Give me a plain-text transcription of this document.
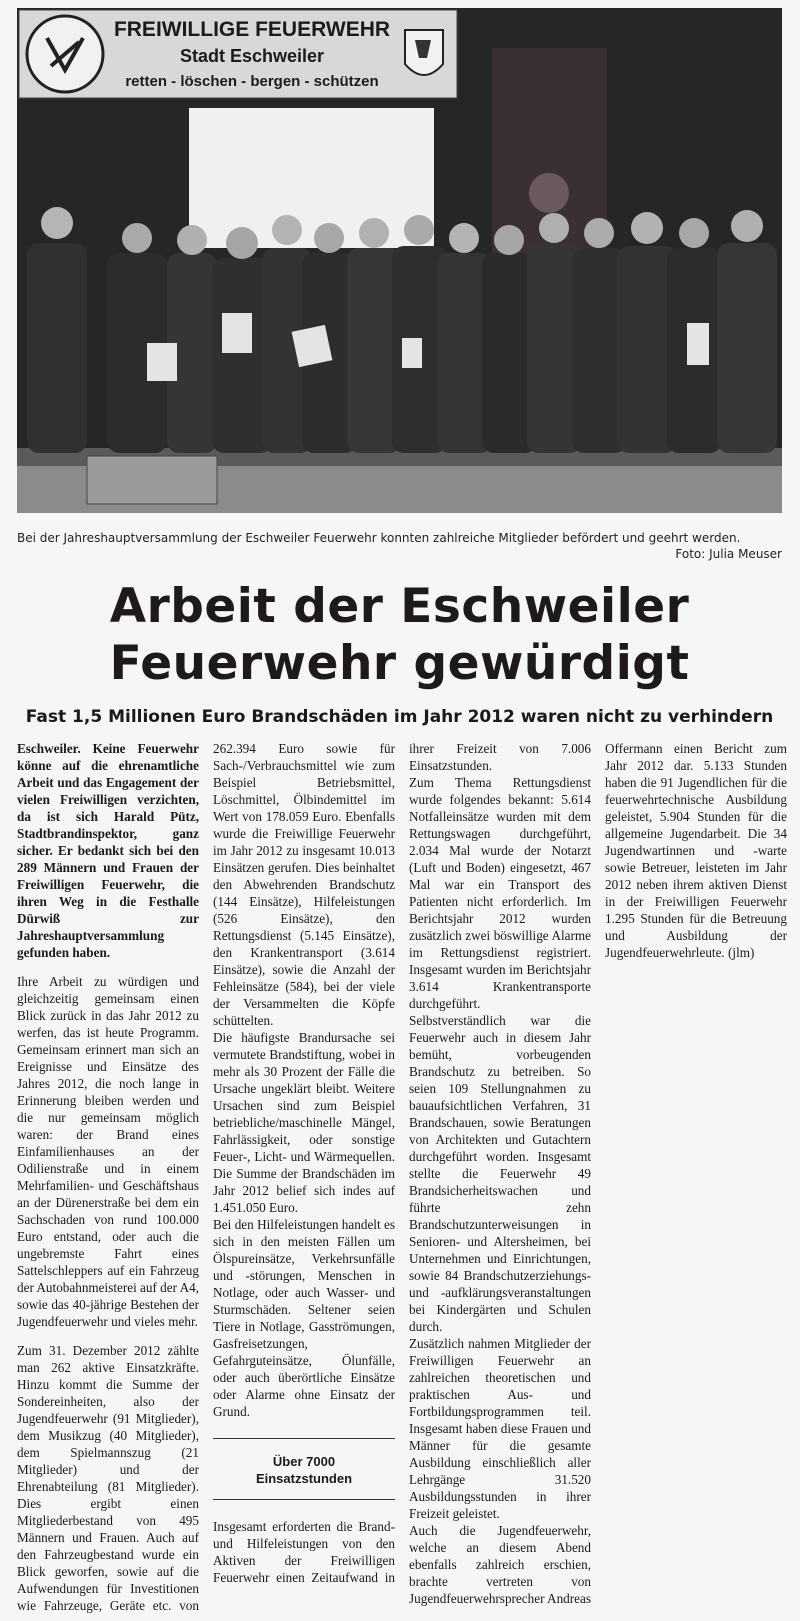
FREIWILLIGE FEUERWEHR
Stadt Eschweiler
retten - löschen - bergen - schützen
Bei der Jahreshauptversammlung der Eschweiler Feuerwehr konnten zahlreiche Mitglieder befördert und geehrt werden.
Foto: Julia Meuser
Arbeit der Eschweiler
Feuerwehr gewürdigt
Fast 1,5 Millionen Euro Brandschäden im Jahr 2012 waren nicht zu verhindern

Eschweiler. Keine Feuerwehr könne auf die ehrenamtliche Arbeit und das Engagement der vielen Freiwilligen verzichten, da ist sich Harald Pütz, Stadtbrandinspektor, ganz sicher. Er bedankt sich bei den 289 Männern und Frauen der Freiwilligen Feuerwehr, die ihren Weg in die Festhalle Dürwiß zur Jahreshauptversammlung gefunden haben.

Ihre Arbeit zu würdigen und gleichzeitig gemeinsam einen Blick zurück in das Jahr 2012 zu werfen, das ist heute Programm. Gemeinsam erinnert man sich an Ereignisse und Einsätze des Jahres 2012, die noch lange in Erinnerung bleiben werden und die nur gemeinsam möglich waren: der Brand eines Einfamilienhauses an der Odilienstraße und in einem Mehrfamilien- und Geschäftshaus an der Dürenerstraße bei dem ein Sachschaden von rund 100.000 Euro entstand, oder auch die ungebremste Fahrt eines Sattelschleppers auf ein Fahrzeug der Autobahnmeisterei auf der A4, sowie das 40-jährige Bestehen der Jugendfeuerwehr und vieles mehr.

Zum 31. Dezember 2012 zählte man 262 aktive Einsatzkräfte. Hinzu kommt die Summe der Sondereinheiten, also der Jugendfeuerwehr (91 Mitglieder), dem Musikzug (40 Mitglieder), dem Spielmannszug (21 Mitglieder) und der Ehrenabteilung (81 Mitglieder). Dies ergibt einen Mitgliederbestand von 495 Männern und Frauen. Auch auf den Fahrzeugbestand wurde ein Blick geworfen, sowie auf die Aufwendungen für Investitionen wie Fahrzeuge, Geräte etc. von 262.394 Euro sowie für Sach-/Verbrauchsmittel wie zum Beispiel Betriebsmittel, Löschmittel, Ölbindemittel im Wert von 178.059 Euro. Ebenfalls wurde die Freiwillige Feuerwehr im Jahr 2012 zu insgesamt 10.013 Einsätzen gerufen. Dies beinhaltet den Abwehrenden Brandschutz (144 Einsätze), Hilfeleistungen (526 Einsätze), den Rettungsdienst (5.145 Einsätze), den Krankentransport (3.614 Einsätze), sowie die Anzahl der Fehleinsätze (584), bei der viele der Versammelten die Köpfe schüttelten.

Die häufigste Brandursache sei vermutete Brandstiftung, wobei in mehr als 30 Prozent der Fälle die Ursache ungeklärt bleibt. Weitere Ursachen sind zum Beispiel betriebliche/maschinelle Mängel, Fahrlässigkeit, oder sonstige Feuer-, Licht- und Wärmequellen. Die Summe der Brandschäden im Jahr 2012 belief sich indes auf 1.451.050 Euro.

Bei den Hilfeleistungen handelt es sich in den meisten Fällen um Ölspureinsätze, Verkehrsunfälle und -störungen, Menschen in Notlage, oder auch Wasser- und Sturmschäden. Seltener seien Tiere in Notlage, Gasströmungen, Gasfreisetzungen, Gefahrguteinsätze, Ölunfälle, oder auch überörtliche Einsätze oder Alarme ohne Einsatz der Grund.

Über 7000
Einsatzstunden

Insgesamt erforderten die Brand- und Hilfeleistungen von den Aktiven der Freiwilligen Feuerwehr einen Zeitaufwand in ihrer Freizeit von 7.006 Einsatzstunden.

Zum Thema Rettungsdienst wurde folgendes bekannt: 5.614 Notfalleinsätze wurden mit dem Rettungswagen durchgeführt, 2.034 Mal wurde der Notarzt (Luft und Boden) eingesetzt, 467 Mal war ein Transport des Patienten nicht erforderlich. Im Berichtsjahr 2012 wurden zusätzlich zwei böswillige Alarme im Rettungsdienst registriert. Insgesamt wurden im Berichtsjahr 3.614 Krankentransporte durchgeführt.

Selbstverständlich war die Feuerwehr auch in diesem Jahr bemüht, vorbeugenden Brandschutz zu betreiben. So seien 109 Stellungnahmen zu bauaufsichtlichen Verfahren, 31 Brandschauen, sowie Beratungen von Architekten und Gutachtern durchgeführt worden. Insgesamt stellte die Feuerwehr 49 Brandsicherheitswachen und führte zehn Brandschutzunterweisungen in Senioren- und Altersheimen, bei Unternehmen und Einrichtungen, sowie 84 Brandschutzerziehungs- und -aufklärungsveranstaltungen bei Kindergärten und Schulen durch.

Zusätzlich nahmen Mitglieder der Freiwilligen Feuerwehr an zahlreichen theoretischen und praktischen Aus- und Fortbildungsprogrammen teil. Insgesamt haben diese Frauen und Männer für die gesamte Ausbildung einschließlich aller Lehrgänge 31.520 Ausbildungsstunden in ihrer Freizeit geleistet.

Auch die Jugendfeuerwehr, welche an diesem Abend ebenfalls zahlreich erschien, brachte vertreten von Jugendfeuerwehrsprecher Andreas Offermann einen Bericht zum Jahr 2012 dar. 5.133 Stunden haben die 91 Jugendlichen für die feuerwehrtechnische Ausbildung geleistet, 5.904 Stunden für die allgemeine Jugendarbeit. Die 34 Jugendwartinnen und -warte sowie Betreuer, leisteten im Jahr 2012 neben ihrem aktiven Dienst in der Freiwilligen Feuerwehr 1.295 Stunden für die Betreuung und Ausbildung der Jugendfeuerwehrleute. (jlm)
